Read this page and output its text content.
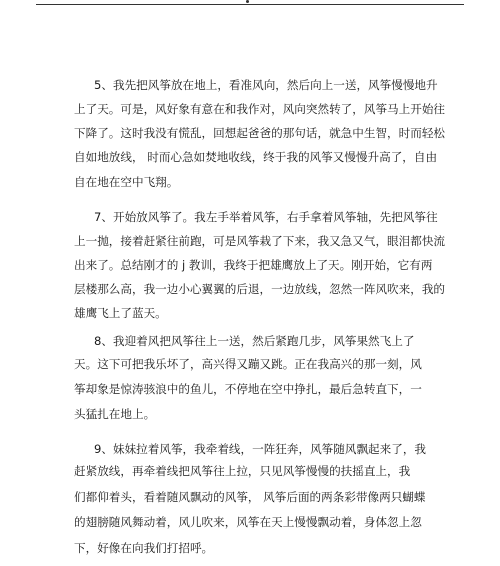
5、我先把风筝放在地上，看准风向，然后向上一送，风筝慢慢地升
上了天。可是，风好象有意在和我作对，风向突然转了，风筝马上开始往
下降了。这时我没有慌乱，回想起爸爸的那句话，就急中生智，时而轻松
自如地放线， 时而心急如焚地收线，终于我的风筝又慢慢升高了，自由
自在地在空中飞翔。
7、开始放风筝了。我左手举着风筝，右手拿着风筝轴，先把风筝往
上一抛，接着赶紧往前跑，可是风筝栽了下来，我又急又气，眼泪都快流
出来了。总结刚才的 j 教训，我终于把雄鹰放上了天。刚开始，它有两
层楼那么高，我一边小心翼翼的后退，一边放线，忽然一阵风吹来，我的
雄鹰飞上了蓝天。
8、我迎着风把风筝往上一送，然后紧跑几步，风筝果然飞上了
天。这下可把我乐坏了，高兴得又蹦又跳。正在我高兴的那一刻，风
筝却象是惊涛骇浪中的鱼儿，不停地在空中挣扎，最后急转直下，一
头猛扎在地上。
9、妹妹拉着风筝，我牵着线，一阵狂奔，风筝随风飘起来了，我
赶紧放线，再牵着线把风筝往上拉，只见风筝慢慢的扶摇直上，我
们都仰着头，看着随风飘动的风筝， 风筝后面的两条彩带像两只蝴蝶
的翅膀随风舞动着，风儿吹来，风筝在天上慢慢飘动着，身体忽上忽
下，好像在向我们打招呼。
